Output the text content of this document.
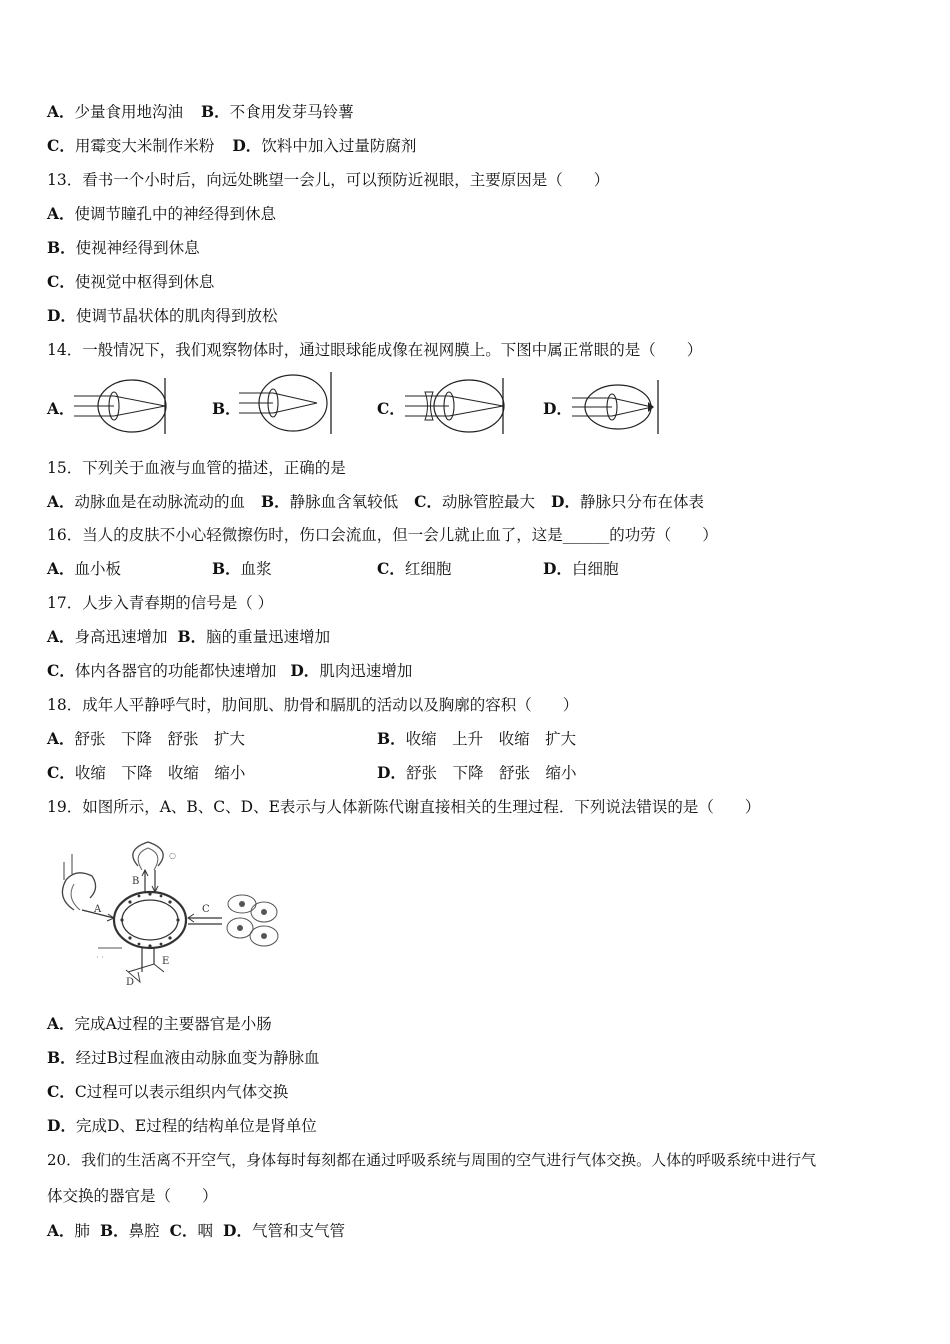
A．少量食用地沟油 B．不食用发芽马铃薯
C．用霉变大米制作米粉 D．饮料中加入过量防腐剂
13．看书一个小时后，向远处眺望一会儿，可以预防近视眼，主要原因是（　　）
A．使调节瞳孔中的神经得到休息
B．使视神经得到休息
C．使视觉中枢得到休息
D．使调节晶状体的肌肉得到放松
14．一般情况下，我们观察物体时，通过眼球能成像在视网膜上。下图中属正常眼的是（　　）
A．	B．	C．	D．
15．下列关于血液与血管的描述，正确的是
A．动脉血是在动脉流动的血 B．静脉血含氧较低 C．动脉管腔最大 D．静脉只分布在体表
16．当人的皮肤不小心轻微擦伤时，伤口会流血，但一会儿就止血了，这是______的功劳（　　）
A．血小板	B．血浆	C．红细胞	D．白细胞
17．人步入青春期的信号是（ ）
A．身高迅速增加 B．脑的重量迅速增加
C．体内各器官的功能都快速增加 D．肌肉迅速增加
18．成年人平静呼气时，肋间肌、肋骨和膈肌的活动以及胸廓的容积（　　）
A．舒张　下降　舒张　扩大	B．收缩　上升　收缩　扩大
C．收缩　下降　收缩　缩小	D．舒张　下降　舒张　缩小
19．如图所示，A、B、C、D、E表示与人体新陈代谢直接相关的生理过程．下列说法错误的是（　　）
○
B
A	C
D
E
· ·
A．完成A过程的主要器官是小肠
B．经过B过程血液由动脉血变为静脉血
C．C过程可以表示组织内气体交换
D．完成D、E过程的结构单位是肾单位
20．我们的生活离不开空气，身体每时每刻都在通过呼吸系统与周围的空气进行气体交换。人体的呼吸系统中进行气
体交换的器官是（　　）
A．肺 B．鼻腔 C．咽 D．气管和支气管
